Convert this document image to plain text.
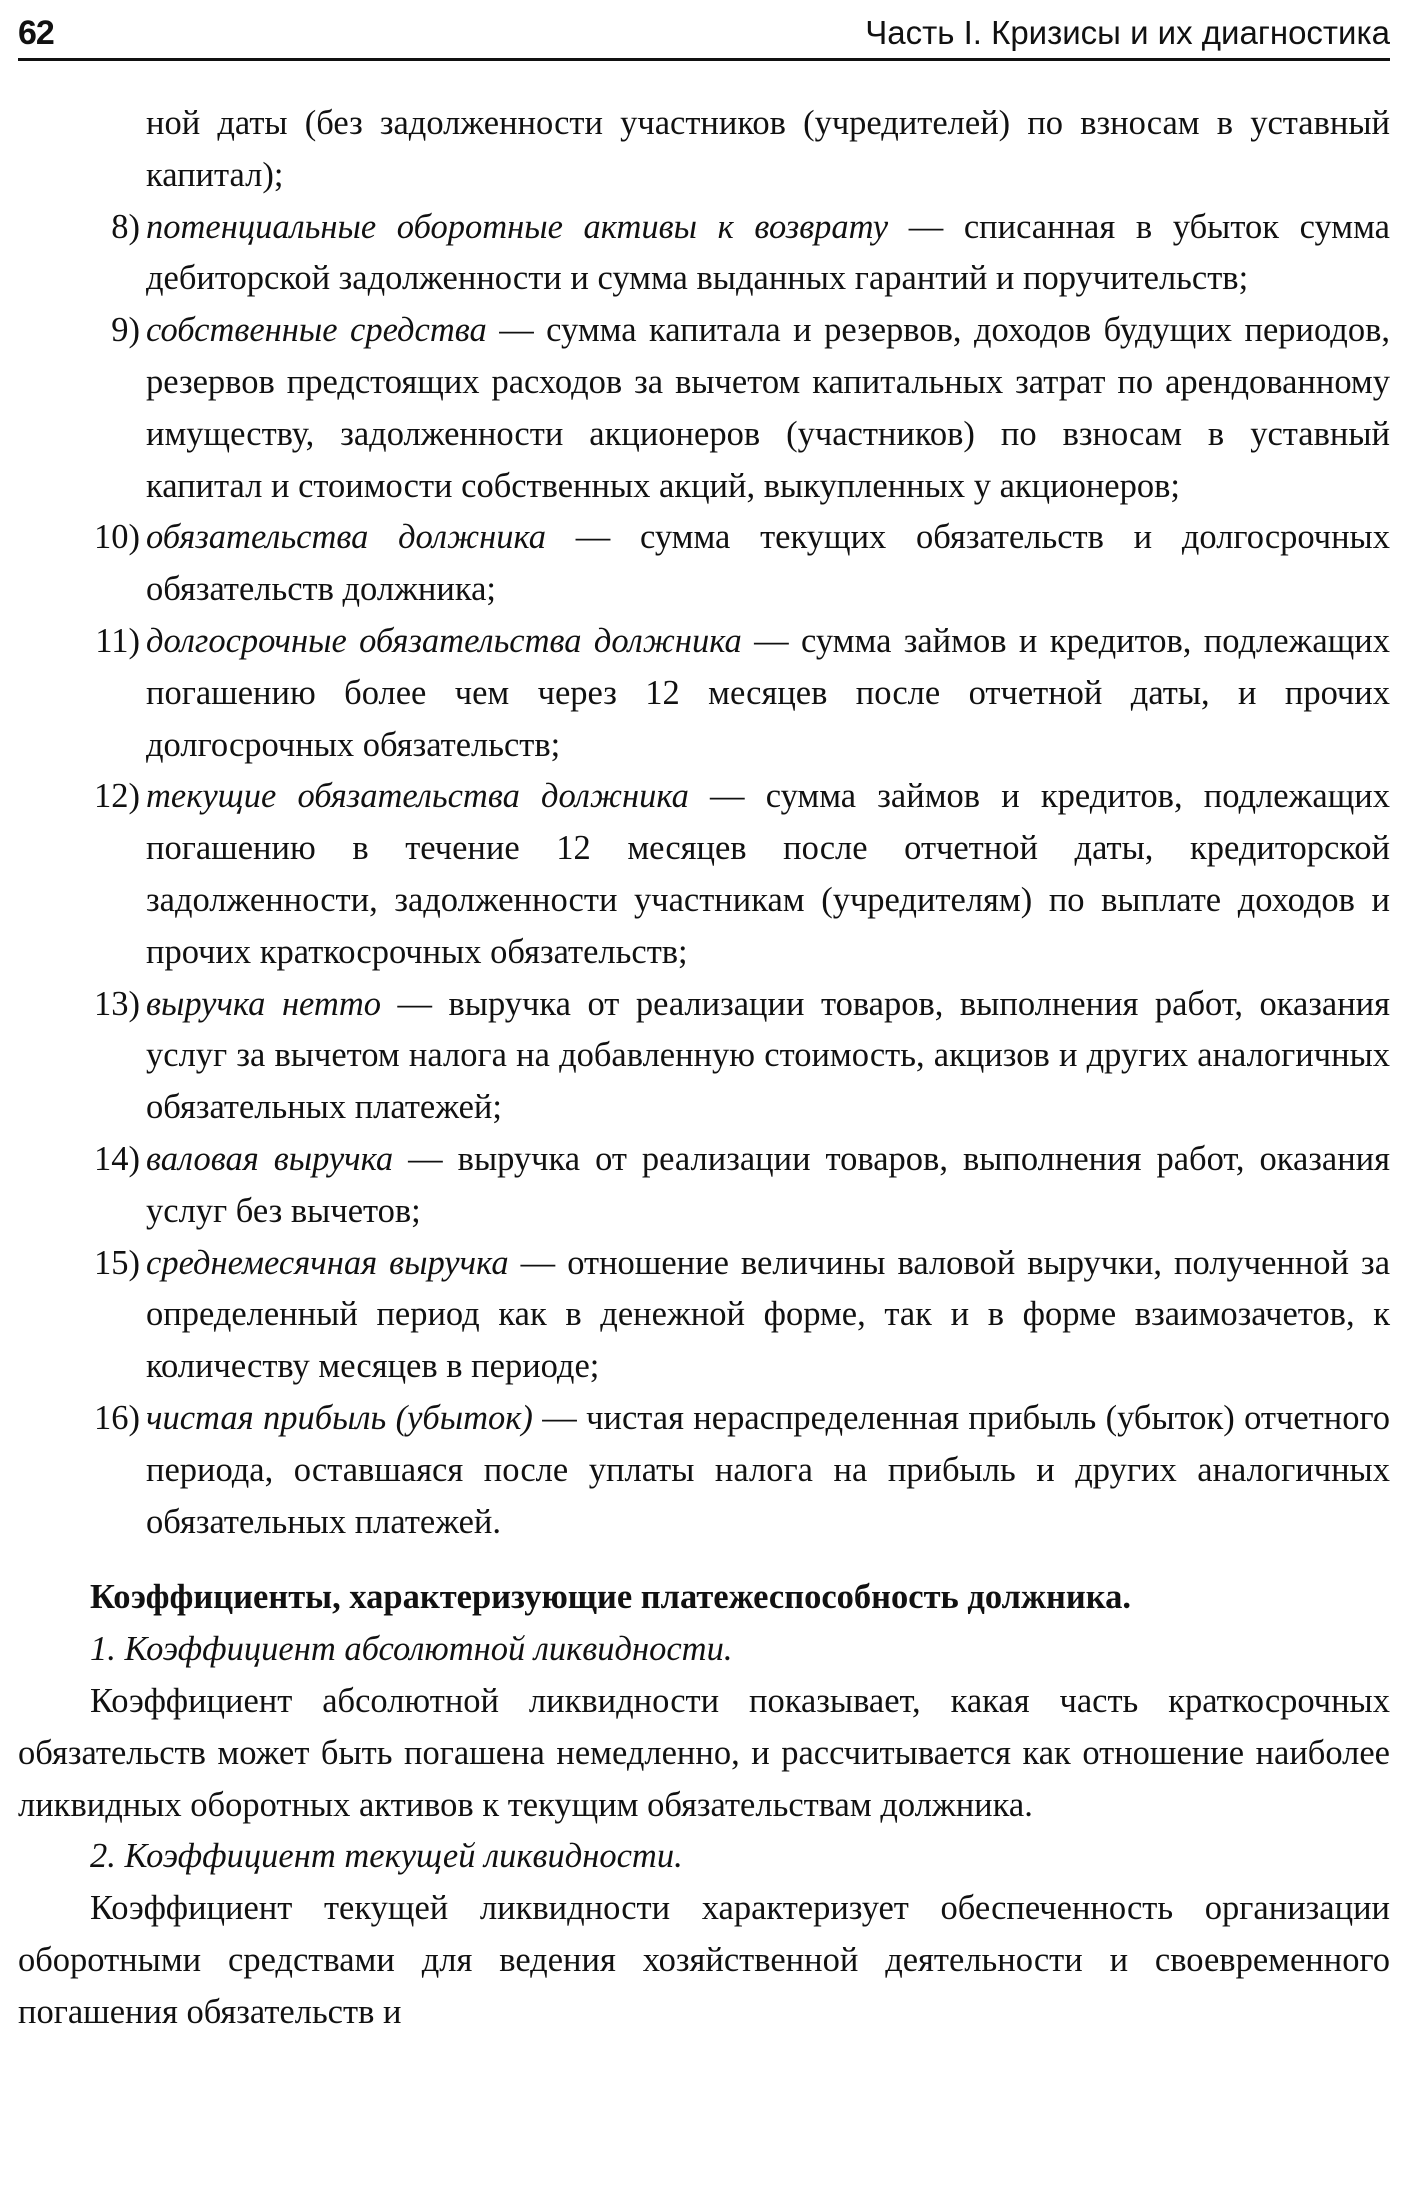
62	Часть I. Кризисы и их диагностика

ной даты (без задолженности участников (учредителей) по взносам в уставный капитал);

8) потенциальные оборотные активы к возврату — списанная в убыток сумма дебиторской задолженности и сумма выданных гарантий и поручительств;

9) собственные средства — сумма капитала и резервов, доходов будущих периодов, резервов предстоящих расходов за вычетом капитальных затрат по арендованному имуществу, задолженности акционеров (участников) по взносам в уставный капитал и стоимости собственных акций, выкупленных у акционеров;

10) обязательства должника — сумма текущих обязательств и долгосрочных обязательств должника;

11) долгосрочные обязательства должника — сумма займов и кредитов, подлежащих погашению более чем через 12 месяцев после отчетной даты, и прочих долгосрочных обязательств;

12) текущие обязательства должника — сумма займов и кредитов, подлежащих погашению в течение 12 месяцев после отчетной даты, кредиторской задолженности, задолженности участникам (учредителям) по выплате доходов и прочих краткосрочных обязательств;

13) выручка нетто — выручка от реализации товаров, выполнения работ, оказания услуг за вычетом налога на добавленную стоимость, акцизов и других аналогичных обязательных платежей;

14) валовая выручка — выручка от реализации товаров, выполнения работ, оказания услуг без вычетов;

15) среднемесячная выручка — отношение величины валовой выручки, полученной за определенный период как в денежной форме, так и в форме взаимозачетов, к количеству месяцев в периоде;

16) чистая прибыль (убыток) — чистая нераспределенная прибыль (убыток) отчетного периода, оставшаяся после уплаты налога на прибыль и других аналогичных обязательных платежей.

Коэффициенты, характеризующие платежеспособность должника.

1. Коэффициент абсолютной ликвидности.

Коэффициент абсолютной ликвидности показывает, какая часть краткосрочных обязательств может быть погашена немедленно, и рассчитывается как отношение наиболее ликвидных оборотных активов к текущим обязательствам должника.

2. Коэффициент текущей ликвидности.

Коэффициент текущей ликвидности характеризует обеспеченность организации оборотными средствами для ведения хозяйственной деятельности и своевременного погашения обязательств и
